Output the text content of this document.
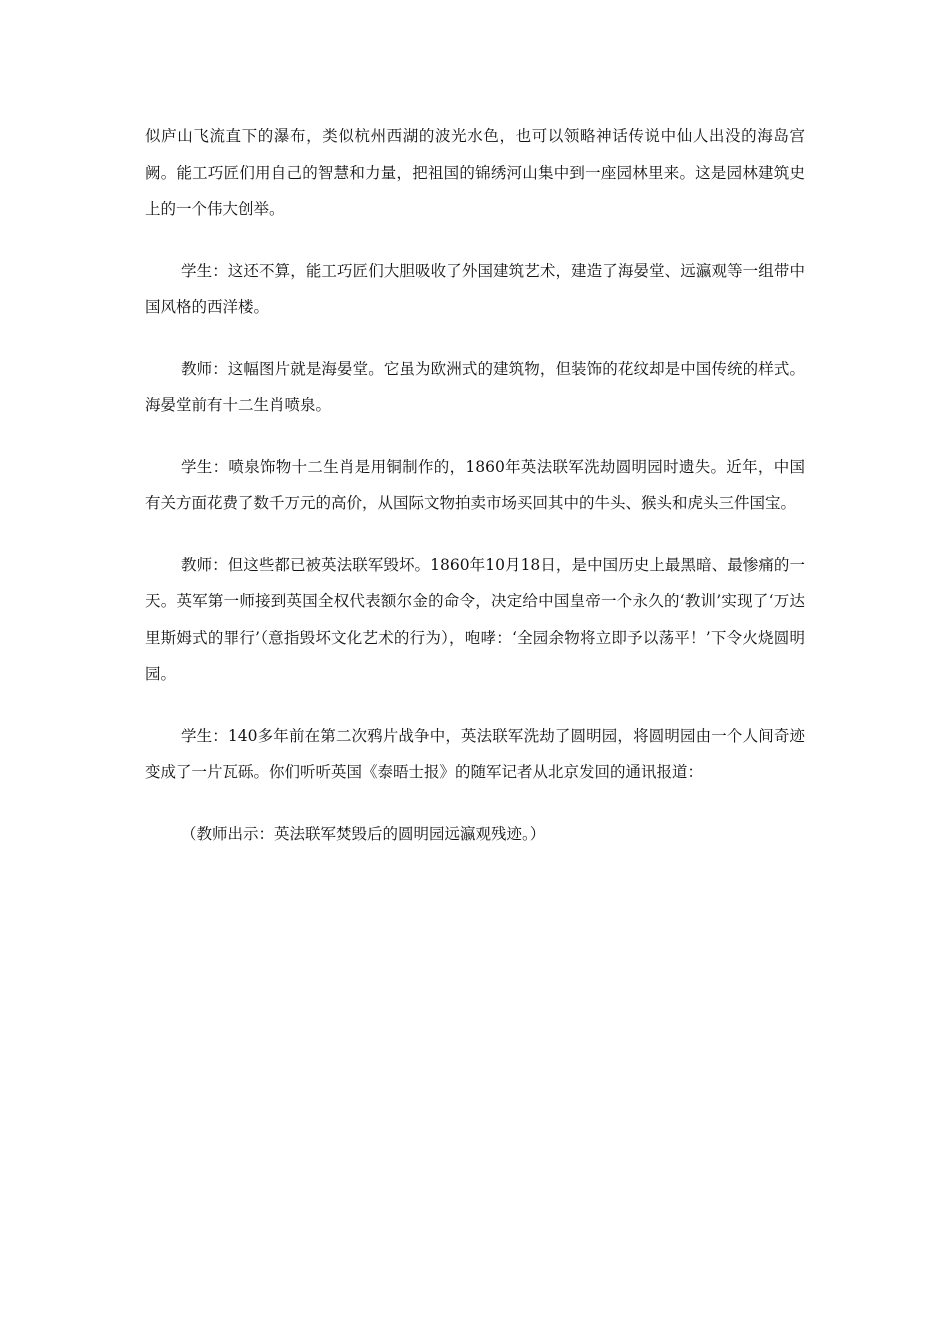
似庐山飞流直下的瀑布，类似杭州西湖的波光水色，也可以领略神话传说中仙人出没的海岛宫阙。能工巧匠们用自己的智慧和力量，把祖国的锦绣河山集中到一座园林里来。这是园林建筑史上的一个伟大创举。

学生：这还不算，能工巧匠们大胆吸收了外国建筑艺术，建造了海晏堂、远瀛观等一组带中国风格的西洋楼。

教师：这幅图片就是海晏堂。它虽为欧洲式的建筑物，但装饰的花纹却是中国传统的样式。海晏堂前有十二生肖喷泉。

学生：喷泉饰物十二生肖是用铜制作的，1860年英法联军洗劫圆明园时遗失。近年，中国有关方面花费了数千万元的高价，从国际文物拍卖市场买回其中的牛头、猴头和虎头三件国宝。

教师：但这些都已被英法联军毁坏。1860年10月18日，是中国历史上最黑暗、最惨痛的一天。英军第一师接到英国全权代表额尔金的命令，决定给中国皇帝一个永久的‘教训’实现了‘万达里斯姆式的罪行’（意指毁坏文化艺术的行为），咆哮：‘全园余物将立即予以荡平！’下令火烧圆明园。

学生：140多年前在第二次鸦片战争中，英法联军洗劫了圆明园，将圆明园由一个人间奇迹变成了一片瓦砾。你们听听英国《泰晤士报》的随军记者从北京发回的通讯报道：

（教师出示：英法联军焚毁后的圆明园远瀛观残迹。）
